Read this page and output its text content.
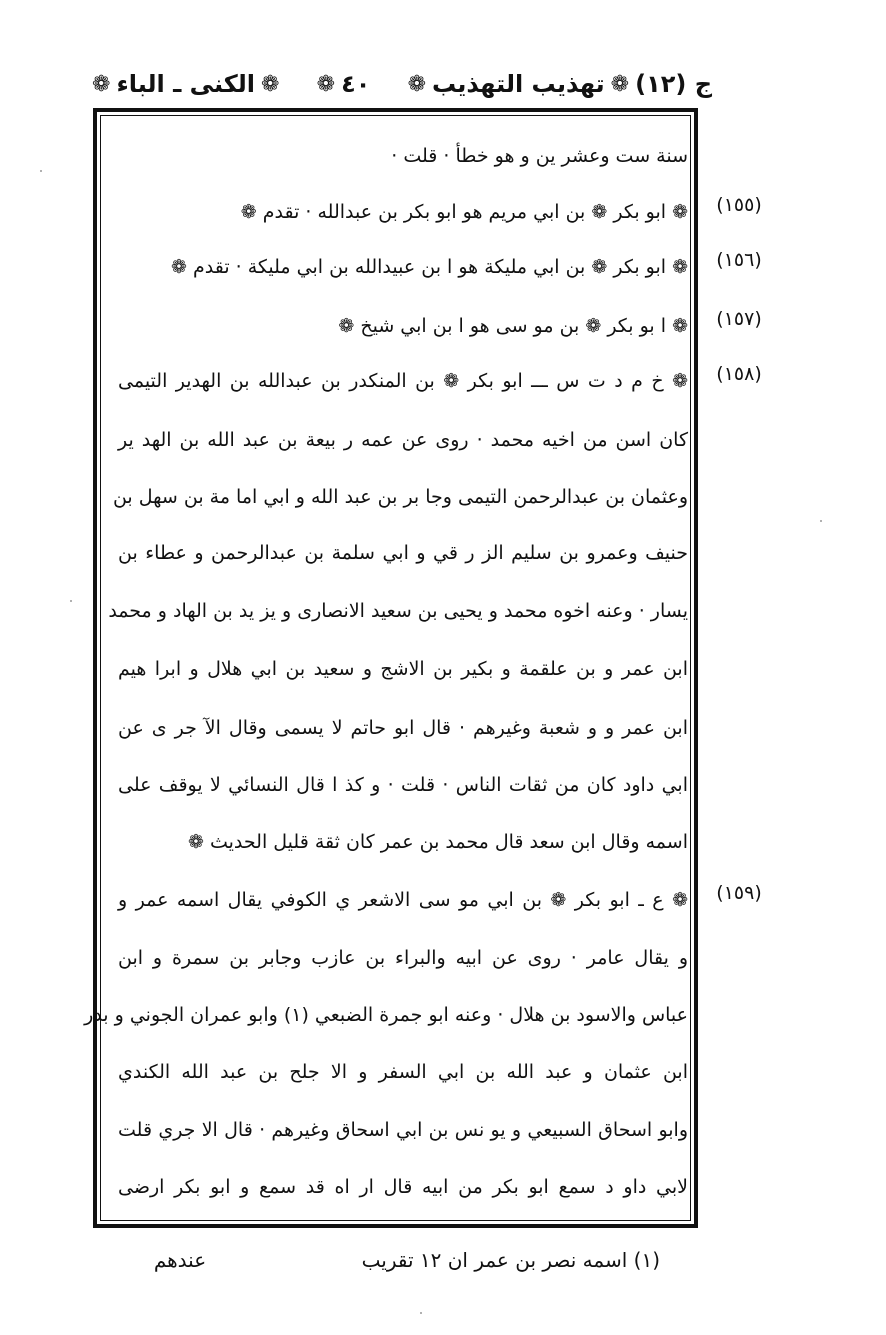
ج (١٢)
❁
تهذيب التهذيب
❁
٤٠
❁
❁
الكنى ـ الباء
❁
سنة ست وعشر ين و هو خطأ · قلت ·
❁ ابو بكر ❁ بن ابي مريم هو ابو بكر بن عبدالله · تقدم ❁
❁ ابو بكر ❁ بن ابي مليكة هو ا بن عبيدالله بن ابي مليكة · تقدم ❁
❁ ا بو بكر ❁ بن مو سى هو ا بن ابي شيخ ❁
❁ خ م د ت س ـــ ابو بكر ❁ بن المنكدر بن عبدالله بن الهدير التيمى
كان اسن من اخيه محمد · روى عن عمه ر بيعة بن عبد الله بن الهد ير
وعثمان بن عبدالرحمن التيمى وجا بر بن عبد الله و ابي اما مة بن سهل بن
حنيف وعمرو بن سليم الز ر قي و ابي سلمة بن عبدالرحمن و عطاء بن
يسار · وعنه اخوه محمد و يحيى بن سعيد الانصارى و يز يد بن الهاد و محمد
ابن عمر و بن علقمة و بكير بن الاشج و سعيد بن ابي هلال و ابرا هيم
ابن عمر و و شعبة وغيرهم · قال ابو حاتم لا يسمى وقال الآ جر ى عن
ابي داود كان من ثقات الناس · قلت · و كذ ا قال النسائي لا يوقف على
اسمه وقال ابن سعد قال محمد بن عمر كان ثقة قليل الحديث ❁
❁ ع ـ ابو بكر ❁ بن ابي مو سى الاشعر ي الكوفي يقال اسمه عمر و
و يقال عامر · روى عن ابيه والبراء بن عازب وجابر بن سمرة و ابن
عباس والاسود بن هلال · وعنه ابو جمرة الضبعي (١) وابو عمران الجوني و بدر
ابن عثمان و عبد الله بن ابي السفر و الا جلح بن عبد الله الكندي
وابو اسحاق السبيعي و يو نس بن ابي اسحاق وغيرهم · قال الا جري قلت
لابي داو د سمع ابو بكر من ابيه قال ار اه قد سمع و ابو بكر ارضى
(١٥٥)
(١٥٦)
(١٥٧)
(١٥٨)
(١٥٩)
(١) اسمه نصر بن عمر ان ١٢ تقريب
عندهم
